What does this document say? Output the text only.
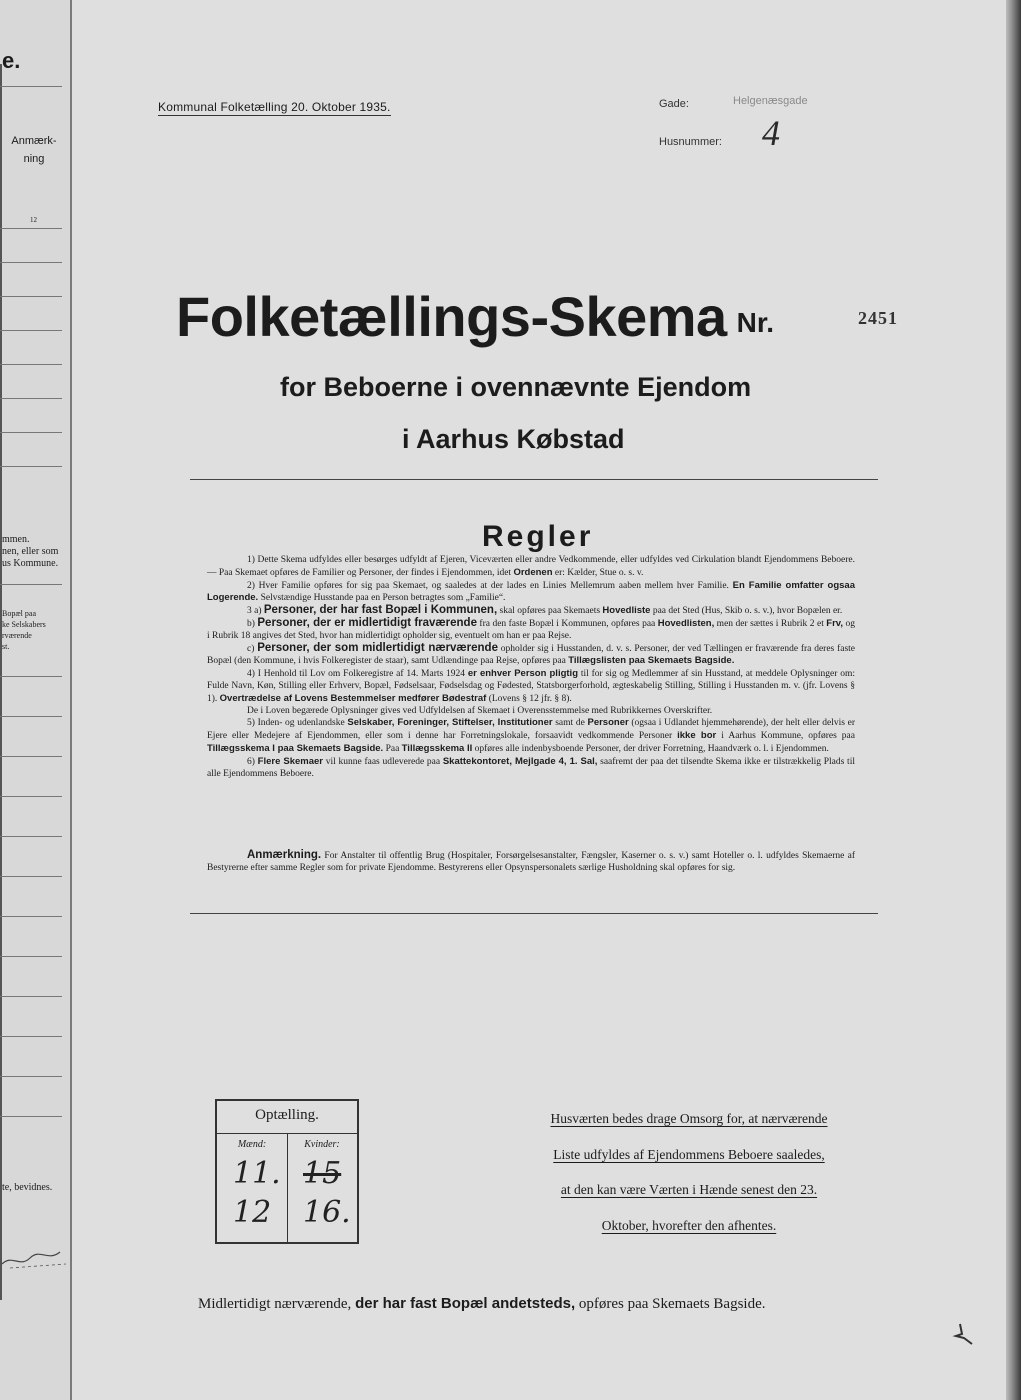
e.
Anmærk-
ning
12
mmen.
nen, eller som
us Kommune.
Bopæl paa
ke Selskabers
rværende
st.
te, bevidnes.
Kommunal Folketælling 20. Oktober 1935.	Gade:	Helgenæsgade
Husnummer: 4
Folketællings-Skema Nr.	2451
for Beboerne i ovennævnte Ejendom
i Aarhus Købstad
Regler

1) Dette Skema udfyldes eller besørges udfyldt af Ejeren, Viceværten eller andre Vedkommende, eller udfyldes ved Cirkulation blandt Ejendommens Beboere. — Paa Skemaet opføres de Familier og Personer, der findes i Ejendommen, idet Ordenen er: Kælder, Stue o. s. v.

2) Hver Familie opføres for sig paa Skemaet, og saaledes at der lades en Linies Mellemrum aaben mellem hver Familie. En Familie omfatter ogsaa Logerende. Selvstændige Husstande paa en Person betragtes som „Familie“.

3 a) Personer, der har fast Bopæl i Kommunen, skal opføres paa Skemaets Hovedliste paa det Sted (Hus, Skib o. s. v.), hvor Bopælen er.

b) Personer, der er midlertidigt fraværende fra den faste Bopæl i Kommunen, opføres paa Hovedlisten, men der sættes i Rubrik 2 et Frv, og i Rubrik 18 angives det Sted, hvor han midlertidigt opholder sig, eventuelt om han er paa Rejse.

c) Personer, der som midlertidigt nærværende opholder sig i Husstanden, d. v. s. Personer, der ved Tællingen er fraværende fra deres faste Bopæl (den Kommune, i hvis Folkeregister de staar), samt Udlændinge paa Rejse, opføres paa Tillægslisten paa Skemaets Bagside.

4) I Henhold til Lov om Folkeregistre af 14. Marts 1924 er enhver Person pligtig til for sig og Medlemmer af sin Husstand, at meddele Oplysninger om: Fulde Navn, Køn, Stilling eller Erhverv, Bopæl, Fødselsaar, Fødselsdag og Fødested, Statsborgerforhold, ægteskabelig Stilling, Stilling i Husstanden m. v. (jfr. Lovens § 1). Overtrædelse af Lovens Bestemmelser medfører Bødestraf (Lovens § 12 jfr. § 8).

De i Loven begærede Oplysninger gives ved Udfyldelsen af Skemaet i Overensstemmelse med Rubrikkernes Overskrifter.

5) Inden- og udenlandske Selskaber, Foreninger, Stiftelser, Institutioner samt de Personer (ogsaa i Udlandet hjemmehørende), der helt eller delvis er Ejere eller Medejere af Ejendommen, eller som i denne har Forretningslokale, forsaavidt vedkommende Personer ikke bor i Aarhus Kommune, opføres paa Tillægsskema I paa Skemaets Bagside. Paa Tillægsskema II opføres alle indenbysboende Personer, der driver Forretning, Haandværk o. l. i Ejendommen.

6) Flere Skemaer vil kunne faas udleverede paa Skattekontoret, Mejlgade 4, 1. Sal, saafremt der paa det tilsendte Skema ikke er tilstrækkelig Plads til alle Ejendommens Beboere.

Anmærkning. For Anstalter til offentlig Brug (Hospitaler, Forsørgelsesanstalter, Fængsler, Kaserner o. s. v.) samt Hoteller o. l. udfyldes Skemaerne af Bestyrerne efter samme Regler som for private Ejendomme. Bestyrerens eller Opsynspersonalets særlige Husholdning skal opføres for sig.
Optælling.
Mænd:	Kvinder:
11. 15
12 16.
Husværten bedes drage Omsorg for, at nærværende
Liste udfyldes af Ejendommens Beboere saaledes,
at den kan være Værten i Hænde senest den 23.
Oktober, hvorefter den afhentes.
Midlertidigt nærværende, der har fast Bopæl andetsteds, opføres paa Skemaets Bagside.
